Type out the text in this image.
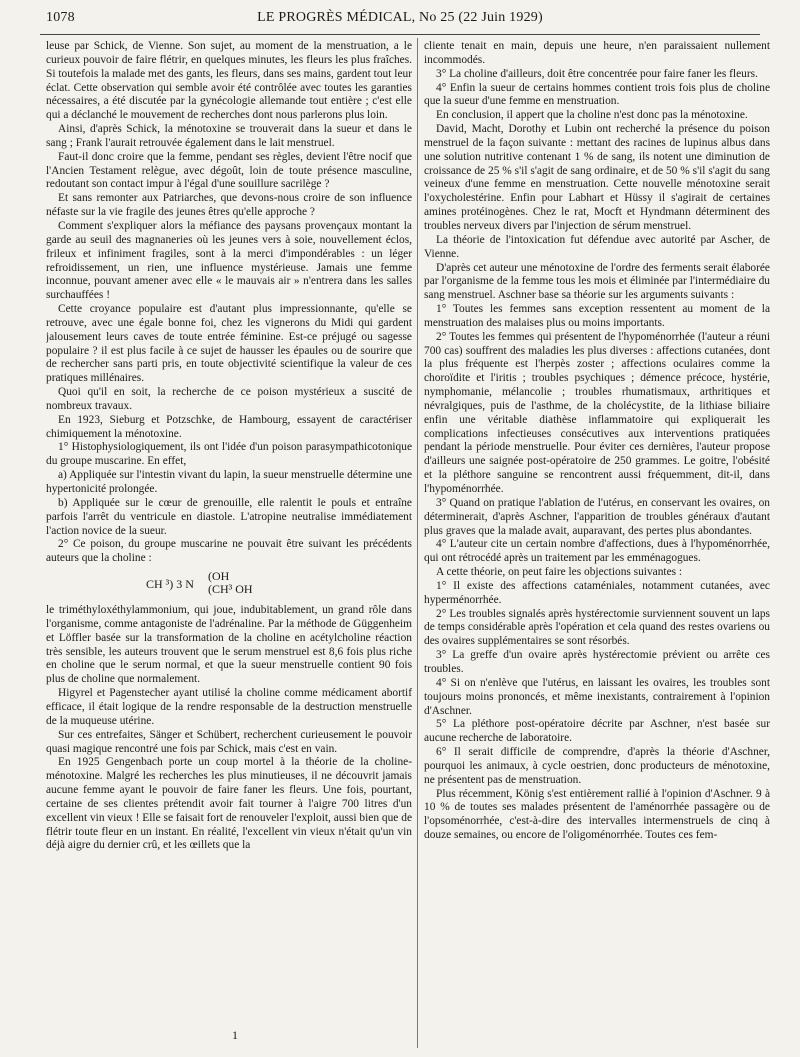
1078	LE PROGRÈS MÉDICAL, No 25 (22 Juin 1929)

leuse par Schick, de Vienne. Son sujet, au moment de la menstruation, a le curieux pouvoir de faire flétrir, en quelques minutes, les fleurs les plus fraîches. Si toutefois la malade met des gants, les fleurs, dans ses mains, gardent tout leur éclat. Cette observation qui semble avoir été contrôlée avec toutes les garanties nécessaires, a été discutée par la gynécologie allemande tout entière ; c'est elle qui a déclanché le mouvement de recherches dont nous parlerons plus loin.

Ainsi, d'après Schick, la ménotoxine se trouverait dans la sueur et dans le sang ; Frank l'aurait retrouvée également dans le lait menstruel.

Faut-il donc croire que la femme, pendant ses règles, devient l'être nocif que l'Ancien Testament relègue, avec dégoût, loin de toute présence masculine, redoutant son contact impur à l'égal d'une souillure sacrilège ?

Et sans remonter aux Patriarches, que devons-nous croire de son influence néfaste sur la vie fragile des jeunes êtres qu'elle approche ?

Comment s'expliquer alors la méfiance des paysans provençaux montant la garde au seuil des magnaneries où les jeunes vers à soie, nouvellement éclos, frileux et infiniment fragiles, sont à la merci d'impondérables : un léger refroidissement, un rien, une influence mystérieuse. Jamais une femme inconnue, pouvant amener avec elle « le mauvais air » n'entrera dans les salles surchauffées !

Cette croyance populaire est d'autant plus impressionnante, qu'elle se retrouve, avec une égale bonne foi, chez les vignerons du Midi qui gardent jalousement leurs caves de toute entrée féminine. Est-ce préjugé ou sagesse populaire ? il est plus facile à ce sujet de hausser les épaules ou de sourire que de rechercher sans parti pris, en toute objectivité scientifique la valeur de ces pratiques millénaires.

Quoi qu'il en soit, la recherche de ce poison mystérieux a suscité de nombreux travaux.

En 1923, Sieburg et Potzschke, de Hambourg, essayent de caractériser chimiquement la ménotoxine.

1° Histophysiologiquement, ils ont l'idée d'un poison parasympathicotonique du groupe muscarine. En effet,

a) Appliquée sur l'intestin vivant du lapin, la sueur menstruelle détermine une hypertonicité prolongée.

b) Appliquée sur le cœur de grenouille, elle ralentit le pouls et entraîne parfois l'arrêt du ventricule en diastole. L'atropine neutralise immédiatement l'action novice de la sueur.

2° Ce poison, du groupe muscarine ne pouvait être suivant les précédents auteurs que la choline :

CH ³) 3 N
(OH
(CH³ OH

le triméthyloxéthylammonium, qui joue, indubitablement, un grand rôle dans l'organisme, comme antagoniste de l'adrénaline. Par la méthode de Güggenheim et Löffler basée sur la transformation de la choline en acétylcholine réaction très sensible, les auteurs trouvent que le serum menstruel est 8,6 fois plus riche en choline que le serum normal, et que la sueur menstruelle contient 90 fois plus de choline que normalement.

Higyrel et Pagenstecher ayant utilisé la choline comme médicament abortif efficace, il était logique de la rendre responsable de la destruction menstruelle de la muqueuse utérine.

Sur ces entrefaites, Sänger et Schübert, recherchent curieusement le pouvoir quasi magique rencontré une fois par Schick, mais c'est en vain.

En 1925 Gengenbach porte un coup mortel à la théorie de la choline-ménotoxine. Malgré les recherches les plus minutieuses, il ne découvrit jamais aucune femme ayant le pouvoir de faire faner les fleurs. Une fois, pourtant, certaine de ses clientes prétendit avoir fait tourner à l'aigre 700 litres d'un excellent vin vieux ! Elle se faisait fort de renouveler l'exploit, aussi bien que de flétrir toute fleur en un instant. En réalité, l'excellent vin vieux n'était qu'un vin déjà aigre du dernier crû, et les œillets que la

cliente tenait en main, depuis une heure, n'en paraissaient nullement incommodés.

3° La choline d'ailleurs, doit être concentrée pour faire faner les fleurs.

4° Enfin la sueur de certains hommes contient trois fois plus de choline que la sueur d'une femme en menstruation.

En conclusion, il appert que la choline n'est donc pas la ménotoxine.

David, Macht, Dorothy et Lubin ont recherché la présence du poison menstruel de la façon suivante : mettant des racines de lupinus albus dans une solution nutritive contenant 1 % de sang, ils notent une diminution de croissance de 25 % s'il s'agit de sang ordinaire, et de 50 % s'il s'agit du sang veineux d'une femme en menstruation. Cette nouvelle ménotoxine serait l'oxycholestérine. Enfin pour Labhart et Hüssy il s'agirait de certaines amines protéinogènes. Chez le rat, Mocft et Hyndmann déterminent des troubles nerveux divers par l'injection de sérum menstruel.

La théorie de l'intoxication fut défendue avec autorité par Ascher, de Vienne.

D'après cet auteur une ménotoxine de l'ordre des ferments serait élaborée par l'organisme de la femme tous les mois et éliminée par l'intermédiaire du sang menstruel. Aschner base sa théorie sur les arguments suivants :

1° Toutes les femmes sans exception ressentent au moment de la menstruation des malaises plus ou moins importants.

2° Toutes les femmes qui présentent de l'hypoménorrhée (l'auteur a réuni 700 cas) souffrent des maladies les plus diverses : affections cutanées, dont la plus fréquente est l'herpès zoster ; affections oculaires comme la choroïdite et l'iritis ; troubles psychiques ; démence précoce, hystérie, nymphomanie, mélancolie ; troubles rhumatismaux, arthritiques et névralgiques, puis de l'asthme, de la cholécystite, de la lithiase biliaire enfin une véritable diathèse inflammatoire qui expliquerait les complications infectieuses consécutives aux interventions pratiquées pendant la période menstruelle. Pour éviter ces dernières, l'auteur propose d'ailleurs une saignée post-opératoire de 250 grammes. Le goitre, l'obésité et la pléthore sanguine se rencontrent aussi fréquemment, dit-il, dans l'hypoménorrhée.

3° Quand on pratique l'ablation de l'utérus, en conservant les ovaires, on déterminerait, d'après Aschner, l'apparition de troubles généraux d'autant plus graves que la malade avait, auparavant, des pertes plus abondantes.

4° L'auteur cite un certain nombre d'affections, dues à l'hypoménorrhée, qui ont rétrocédé après un traitement par les emménagogues.

A cette théorie, on peut faire les objections suivantes :

1° Il existe des affections cataméniales, notamment cutanées, avec hyperménorrhée.

2° Les troubles signalés après hystérectomie surviennent souvent un laps de temps considérable après l'opération et cela quand des restes ovariens ou des ovaires supplémentaires se sont résorbés.

3° La greffe d'un ovaire après hystérectomie prévient ou arrête ces troubles.

4° Si on n'enlève que l'utérus, en laissant les ovaires, les troubles sont toujours moins prononcés, et même inexistants, contrairement à l'opinion d'Aschner.

5° La pléthore post-opératoire décrite par Aschner, n'est basée sur aucune recherche de laboratoire.

6° Il serait difficile de comprendre, d'après la théorie d'Aschner, pourquoi les animaux, à cycle oestrien, donc producteurs de ménotoxine, ne présentent pas de menstruation.

Plus récemment, König s'est entièrement rallié à l'opinion d'Aschner. 9 à 10 % de toutes ses malades présentent de l'aménorrhée passagère ou de l'opsoménorrhée, c'est-à-dire des intervalles intermenstruels de cinq à douze semaines, ou encore de l'oligoménorrhée. Toutes ces fem-

1
